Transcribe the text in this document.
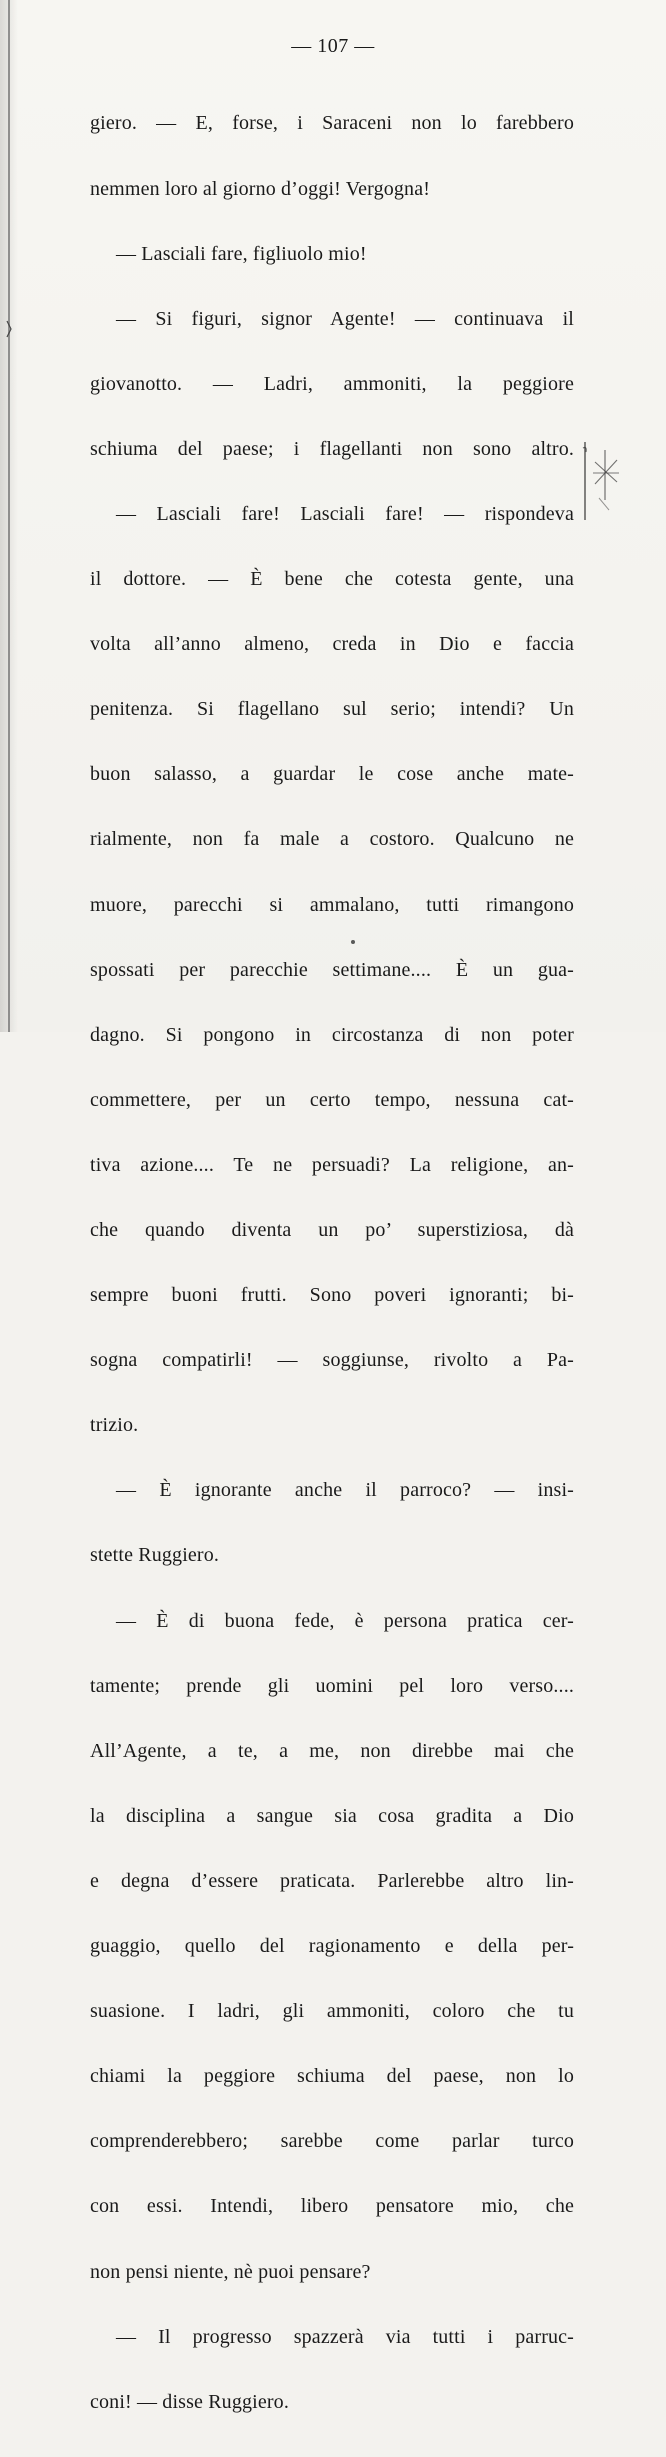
— 107 —

giero. — E, forse, i Saraceni non lo farebbero

nemmen loro al giorno d’oggi! Vergogna!

— Lasciali fare, figliuolo mio!

— Si figuri, signor Agente! — continuava il

giovanotto. — Ladri, ammoniti, la peggiore

schiuma del paese; i flagellanti non sono altro.

— Lasciali fare! Lasciali fare! — rispondeva

il dottore. — È bene che cotesta gente, una

volta all’anno almeno, creda in Dio e faccia

penitenza. Si flagellano sul serio; intendi? Un

buon salasso, a guardar le cose anche mate-

rialmente, non fa male a costoro. Qualcuno ne

muore, parecchi si ammalano, tutti rimangono

spossati per parecchie settimane.... È un gua-

dagno. Si pongono in circostanza di non poter

commettere, per un certo tempo, nessuna cat-

tiva azione.... Te ne persuadi? La religione, an-

che quando diventa un po’ superstiziosa, dà

sempre buoni frutti. Sono poveri ignoranti; bi-

sogna compatirli! — soggiunse, rivolto a Pa-

trizio.

— È ignorante anche il parroco? — insi-

stette Ruggiero.

— È di buona fede, è persona pratica cer-

tamente; prende gli uomini pel loro verso....

All’Agente, a te, a me, non direbbe mai che

la disciplina a sangue sia cosa gradita a Dio

e degna d’essere praticata. Parlerebbe altro lin-

guaggio, quello del ragionamento e della per-

suasione. I ladri, gli ammoniti, coloro che tu

chiami la peggiore schiuma del paese, non lo

comprenderebbero; sarebbe come parlar turco

con essi. Intendi, libero pensatore mio, che

non pensi niente, nè puoi pensare?

— Il progresso spazzerà via tutti i parruc-

coni! — disse Ruggiero.
